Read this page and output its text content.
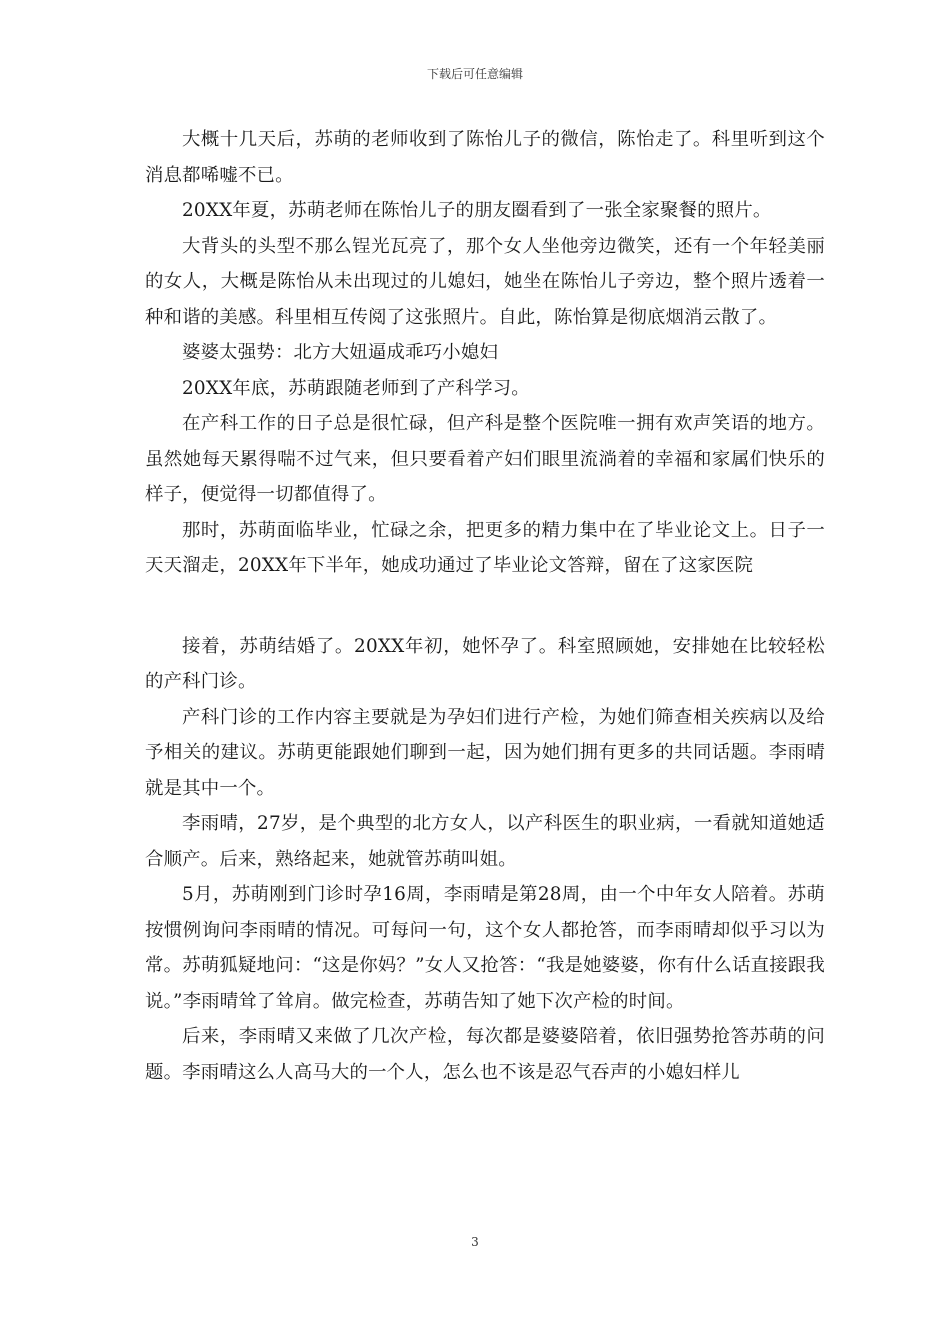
下载后可任意编辑

大概十几天后，苏萌的老师收到了陈怡儿子的微信，陈怡走了。科里听到这个消息都唏嘘不已。

20XX年夏，苏萌老师在陈怡儿子的朋友圈看到了一张全家聚餐的照片。

大背头的头型不那么锃光瓦亮了，那个女人坐他旁边微笑，还有一个年轻美丽的女人，大概是陈怡从未出现过的儿媳妇，她坐在陈怡儿子旁边，整个照片透着一种和谐的美感。科里相互传阅了这张照片。自此，陈怡算是彻底烟消云散了。

婆婆太强势：北方大妞逼成乖巧小媳妇

20XX年底，苏萌跟随老师到了产科学习。

在产科工作的日子总是很忙碌，但产科是整个医院唯一拥有欢声笑语的地方。虽然她每天累得喘不过气来，但只要看着产妇们眼里流淌着的幸福和家属们快乐的样子，便觉得一切都值得了。

那时，苏萌面临毕业，忙碌之余，把更多的精力集中在了毕业论文上。日子一天天溜走，20XX年下半年，她成功通过了毕业论文答辩，留在了这家医院

接着，苏萌结婚了。20XX年初，她怀孕了。科室照顾她，安排她在比较轻松的产科门诊。

产科门诊的工作内容主要就是为孕妇们进行产检，为她们筛查相关疾病以及给予相关的建议。苏萌更能跟她们聊到一起，因为她们拥有更多的共同话题。李雨晴就是其中一个。

李雨晴，27岁，是个典型的北方女人，以产科医生的职业病，一看就知道她适合顺产。后来，熟络起来，她就管苏萌叫姐。

5月，苏萌刚到门诊时孕16周，李雨晴是第28周，由一个中年女人陪着。苏萌按惯例询问李雨晴的情况。可每问一句，这个女人都抢答，而李雨晴却似乎习以为常。苏萌狐疑地问：“这是你妈？”女人又抢答：“我是她婆婆，你有什么话直接跟我说。”李雨晴耸了耸肩。做完检查，苏萌告知了她下次产检的时间。

后来，李雨晴又来做了几次产检，每次都是婆婆陪着，依旧强势抢答苏萌的问题。李雨晴这么人高马大的一个人，怎么也不该是忍气吞声的小媳妇样儿

3
